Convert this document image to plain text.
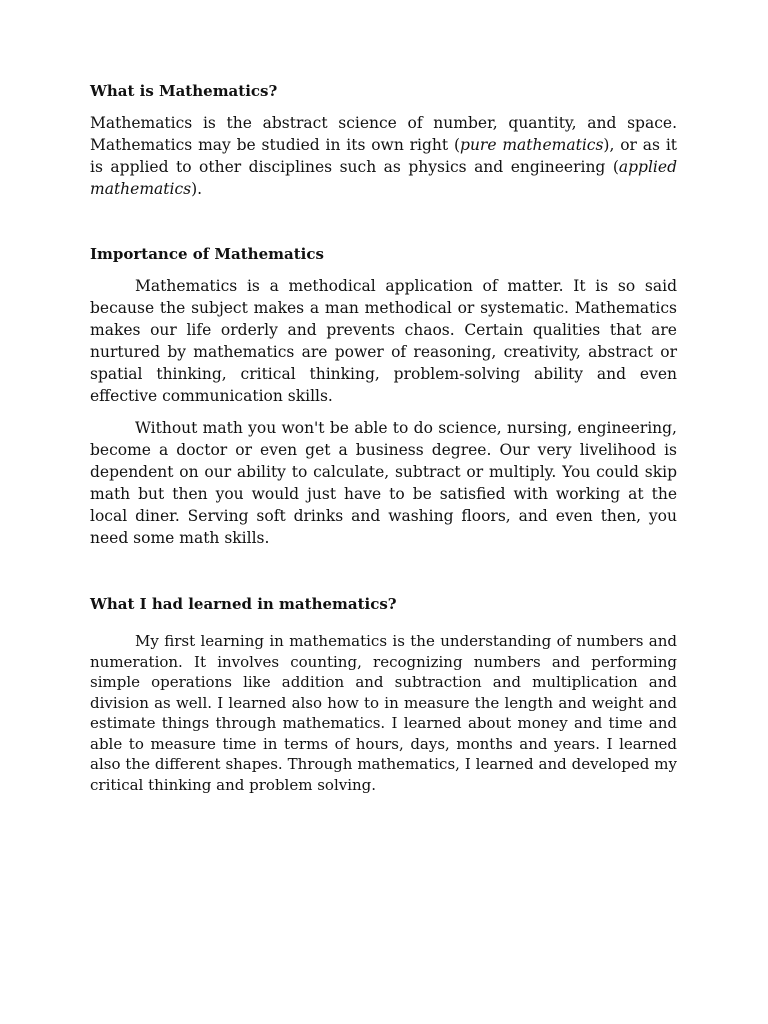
What is Mathematics?

Mathematics is the abstract science of number, quantity, and space. Mathematics may be studied in its own right (pure mathematics), or as it is applied to other disciplines such as physics and engineering (applied mathematics).

Importance of Mathematics

Mathematics is a methodical application of matter. It is so said because the subject makes a man methodical or systematic. Mathematics makes our life orderly and prevents chaos. Certain qualities that are nurtured by mathematics are power of reasoning, creativity, abstract or spatial thinking, critical thinking, problem-solving ability and even effective communication skills.

Without math you won't be able to do science, nursing, engineering, become a doctor or even get a business degree. Our very livelihood is dependent on our ability to calculate, subtract or multiply. You could skip math but then you would just have to be satisfied with working at the local diner. Serving soft drinks and washing floors, and even then, you need some math skills.

What I had learned in mathematics?

My first learning in mathematics is the understanding of numbers and numeration. It involves counting, recognizing numbers and performing simple operations like addition and subtraction and multiplication and division as well. I learned also how to in measure the length and weight and estimate things through mathematics. I learned about money and time and able to measure time in terms of hours, days, months and years. I learned also the different shapes. Through mathematics, I learned and developed my critical thinking and problem solving.
